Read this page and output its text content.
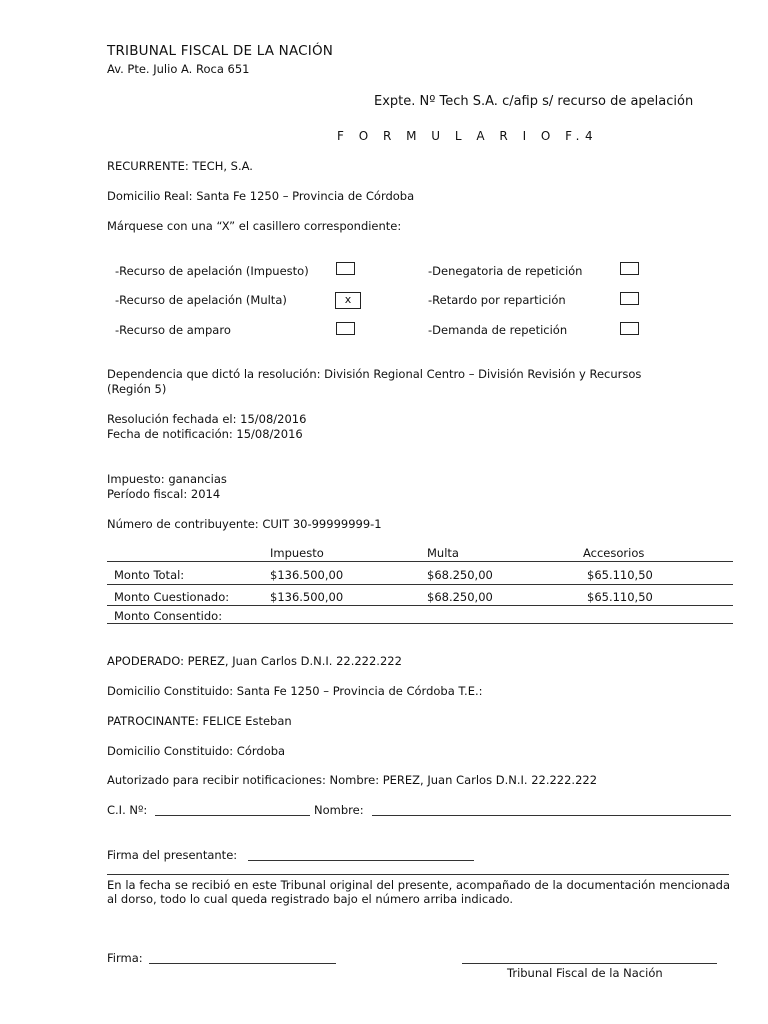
TRIBUNAL FISCAL DE LA NACIÓN
Av. Pte. Julio A. Roca 651
Expte. Nº Tech S.A. c/afip s/ recurso de apelación
F O R M U L A R I O F.4
RECURRENTE: TECH, S.A.
Domicilio Real: Santa Fe 1250 – Provincia de Córdoba
Márquese con una “X” el casillero correspondiente:
-Recurso de apelación (Impuesto)
-Recurso de apelación (Multa)	x
-Recurso de amparo
-Denegatoria de repetición
-Retardo por repartición
-Demanda de repetición
Dependencia que dictó la resolución: División Regional Centro – División Revisión y Recursos
(Región 5)
Resolución fechada el: 15/08/2016
Fecha de notificación: 15/08/2016
Impuesto: ganancias
Período fiscal: 2014
Número de contribuyente: CUIT 30-99999999-1
Impuesto	Multa	Accesorios
Monto Total:	$136.500,00	$68.250,00	$65.110,50
Monto Cuestionado:	$136.500,00	$68.250,00	$65.110,50
Monto Consentido:
APODERADO: PEREZ, Juan Carlos D.N.I. 22.222.222
Domicilio Constituido: Santa Fe 1250 – Provincia de Córdoba T.E.:
PATROCINANTE: FELICE Esteban
Domicilio Constituido: Córdoba
Autorizado para recibir notificaciones: Nombre: PEREZ, Juan Carlos D.N.I. 22.222.222
C.I. Nº:	Nombre:
Firma del presentante:
En la fecha se recibió en este Tribunal original del presente, acompañado de la documentación mencionada al dorso, todo lo cual queda registrado bajo el número arriba indicado.
Firma:
Tribunal Fiscal de la Nación
